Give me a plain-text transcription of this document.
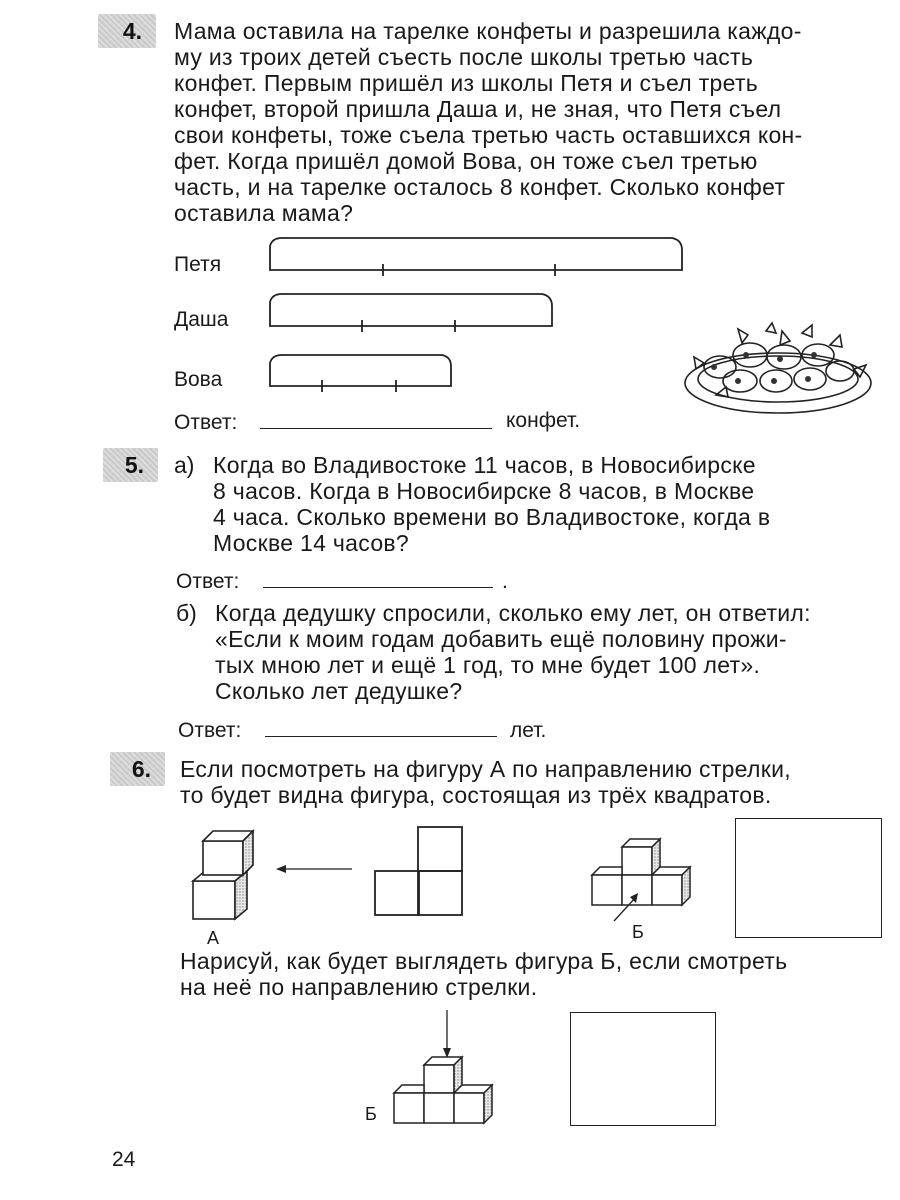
4.	Мама оставила на тарелке конфеты и разрешила каждо-
му из троих детей съесть после школы третью часть
конфет. Первым пришёл из школы Петя и съел треть
конфет, второй пришла Даша и, не зная, что Петя съел
свои конфеты, тоже съела третью часть оставшихся кон-
фет. Когда пришёл домой Вова, он тоже съел третью
часть, и на тарелке осталось 8 конфет. Сколько конфет
оставила мама?
Петя
Даша
Вова
Ответ:	конфет.
5.	а) Когда во Владивостоке 11 часов, в Новосибирске
8 часов. Когда в Новосибирске 8 часов, в Москве
4 часа. Сколько времени во Владивостоке, когда в
Москве 14 часов?
Ответ:	.
б) Когда дедушку спросили, сколько ему лет, он ответил:
«Если к моим годам добавить ещё половину прожи-
тых мною лет и ещё 1 год, то мне будет 100 лет».
Сколько лет дедушке?
Ответ:	лет.
6.	Если посмотреть на фигуру А по направлению стрелки,
то будет видна фигура, состоящая из трёх квадратов.
А	Б
Нарисуй, как будет выглядеть фигура Б, если смотреть
на неё по направлению стрелки.
Б
24
